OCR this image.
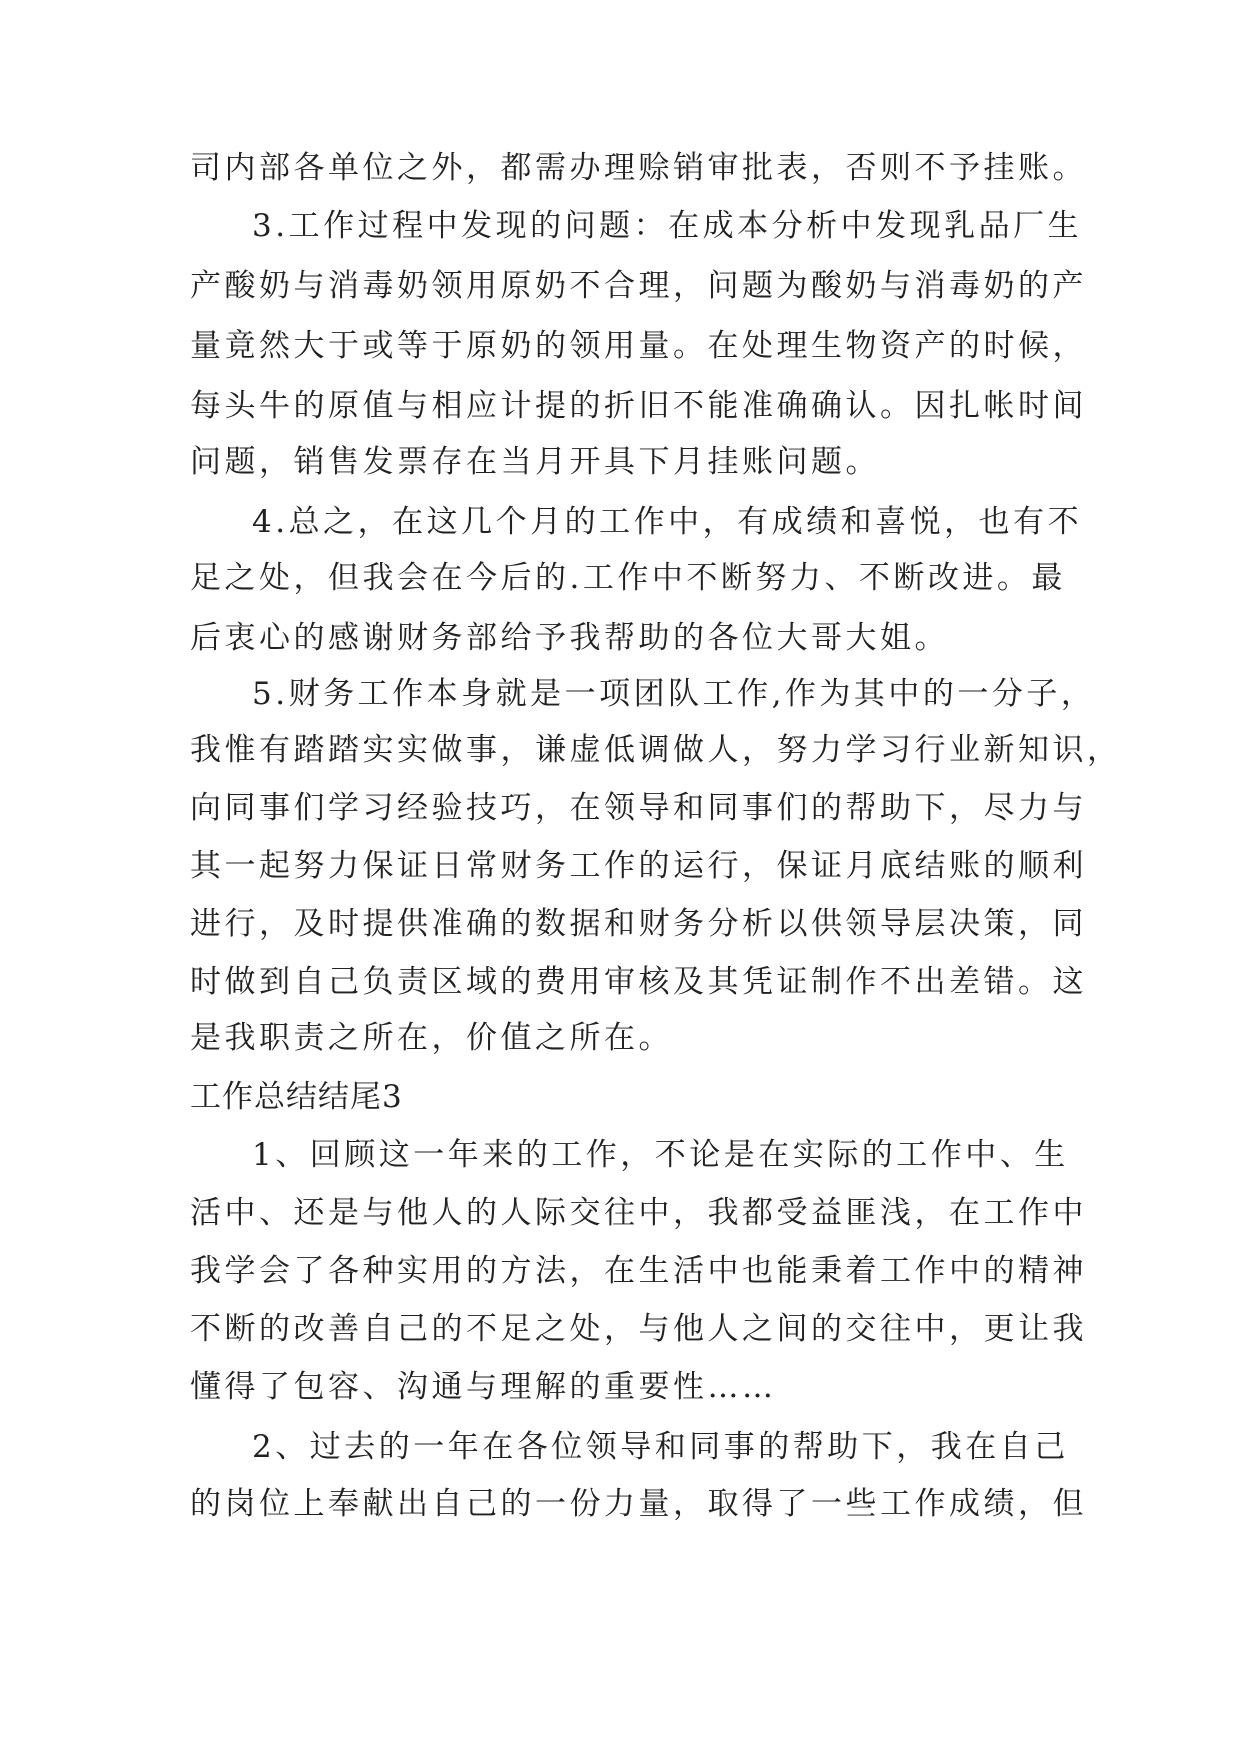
司内部各单位之外，都需办理赊销审批表，否则不予挂账。
3.工作过程中发现的问题：在成本分析中发现乳品厂生
产酸奶与消毒奶领用原奶不合理，问题为酸奶与消毒奶的产
量竟然大于或等于原奶的领用量。在处理生物资产的时候，
每头牛的原值与相应计提的折旧不能准确确认。因扎帐时间
问题，销售发票存在当月开具下月挂账问题。
4.总之，在这几个月的工作中，有成绩和喜悦，也有不
足之处，但我会在今后的.工作中不断努力、不断改进。最
后衷心的感谢财务部给予我帮助的各位大哥大姐。
5.财务工作本身就是一项团队工作,作为其中的一分子，
我惟有踏踏实实做事，谦虚低调做人，努力学习行业新知识，
向同事们学习经验技巧，在领导和同事们的帮助下，尽力与
其一起努力保证日常财务工作的运行，保证月底结账的顺利
进行，及时提供准确的数据和财务分析以供领导层决策，同
时做到自己负责区域的费用审核及其凭证制作不出差错。这
是我职责之所在，价值之所在。
工作总结结尾3
1、回顾这一年来的工作，不论是在实际的工作中、生
活中、还是与他人的人际交往中，我都受益匪浅，在工作中
我学会了各种实用的方法，在生活中也能秉着工作中的精神
不断的改善自己的不足之处，与他人之间的交往中，更让我
懂得了包容、沟通与理解的重要性……
2、过去的一年在各位领导和同事的帮助下，我在自己
的岗位上奉献出自己的一份力量，取得了一些工作成绩，但
